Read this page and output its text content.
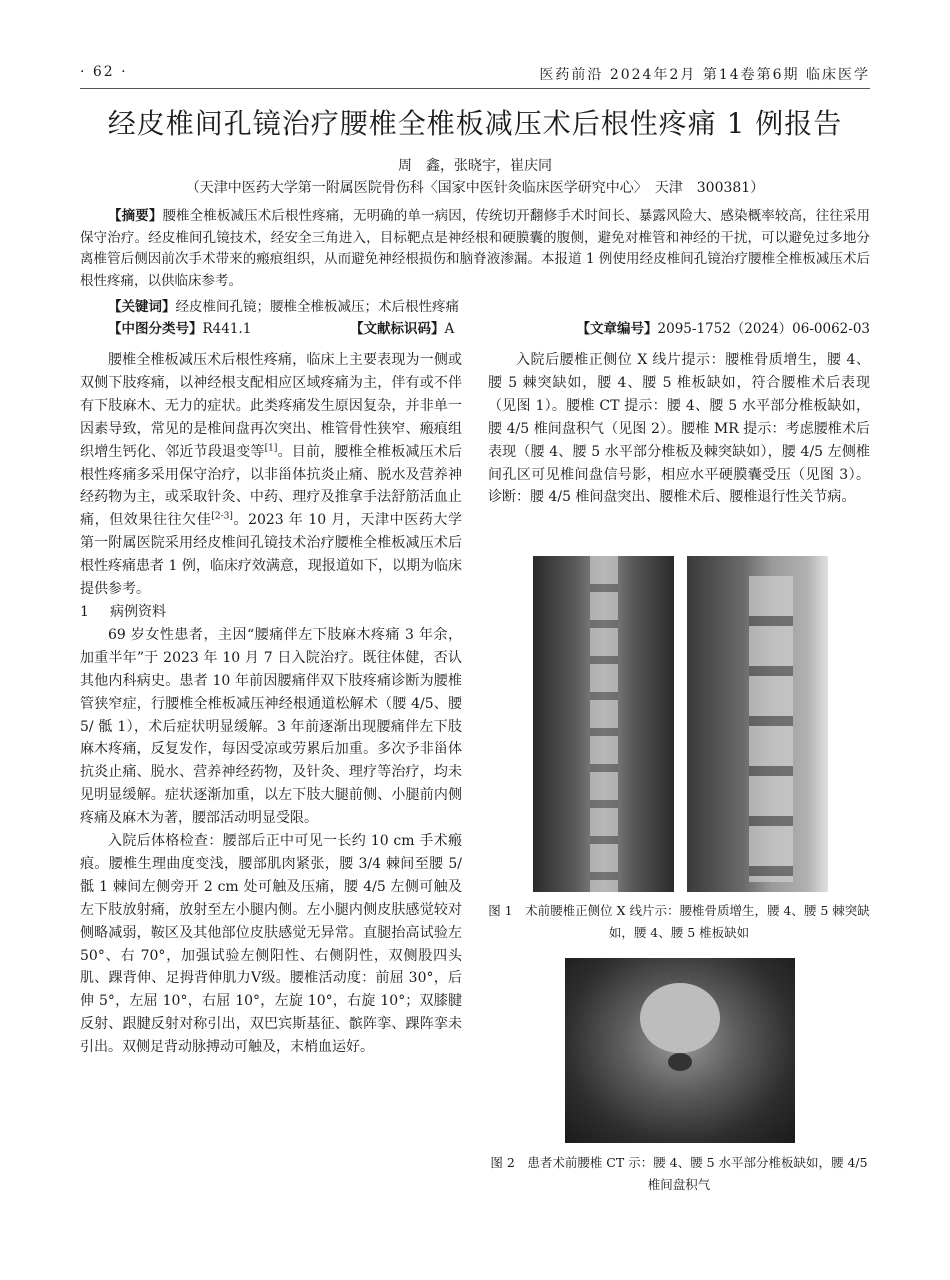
· 62 ·	医药前沿 2024年2月 第14卷第6期 临床医学
经皮椎间孔镜治疗腰椎全椎板减压术后根性疼痛 1 例报告
周　鑫，张晓宇，崔庆同
（天津中医药大学第一附属医院骨伤科〈国家中医针灸临床医学研究中心〉　天津　300381）
【摘要】腰椎全椎板减压术后根性疼痛，无明确的单一病因，传统切开翻修手术时间长、暴露风险大、感染概率较高，往往采用保守治疗。经皮椎间孔镜技术，经安全三角进入，目标靶点是神经根和硬膜囊的腹侧，避免对椎管和神经的干扰，可以避免过多地分离椎管后侧因前次手术带来的瘢痕组织，从而避免神经根损伤和脑脊液渗漏。本报道 1 例使用经皮椎间孔镜治疗腰椎全椎板减压术后根性疼痛，以供临床参考。
【关键词】经皮椎间孔镜；腰椎全椎板减压；术后根性疼痛
【中图分类号】R441.1	【文献标识码】A	【文章编号】2095-1752（2024）06-0062-03

腰椎全椎板减压术后根性疼痛，临床上主要表现为一侧或双侧下肢疼痛，以神经根支配相应区域疼痛为主，伴有或不伴有下肢麻木、无力的症状。此类疼痛发生原因复杂，并非单一因素导致，常见的是椎间盘再次突出、椎管骨性狭窄、瘢痕组织增生钙化、邻近节段退变等[1]。目前，腰椎全椎板减压术后根性疼痛多采用保守治疗，以非甾体抗炎止痛、脱水及营养神经药物为主，或采取针灸、中药、理疗及推拿手法舒筋活血止痛，但效果往往欠佳[2-3]。2023 年 10 月，天津中医药大学第一附属医院采用经皮椎间孔镜技术治疗腰椎全椎板减压术后根性疼痛患者 1 例，临床疗效满意，现报道如下，以期为临床提供参考。

1 病例资料

69 岁女性患者，主因“腰痛伴左下肢麻木疼痛 3 年余，加重半年”于 2023 年 10 月 7 日入院治疗。既往体健，否认其他内科病史。患者 10 年前因腰痛伴双下肢疼痛诊断为腰椎管狭窄症，行腰椎全椎板减压神经根通道松解术（腰 4/5、腰 5/ 骶 1），术后症状明显缓解。3 年前逐渐出现腰痛伴左下肢麻木疼痛，反复发作，每因受凉或劳累后加重。多次予非甾体抗炎止痛、脱水、营养神经药物，及针灸、理疗等治疗，均未见明显缓解。症状逐渐加重，以左下肢大腿前侧、小腿前内侧疼痛及麻木为著，腰部活动明显受限。

入院后体格检查：腰部后正中可见一长约 10 cm 手术瘢痕。腰椎生理曲度变浅，腰部肌肉紧张，腰 3/4 棘间至腰 5/ 骶 1 棘间左侧旁开 2 cm 处可触及压痛，腰 4/5 左侧可触及左下肢放射痛，放射至左小腿内侧。左小腿内侧皮肤感觉较对侧略减弱，鞍区及其他部位皮肤感觉无异常。直腿抬高试验左 50°、右 70°，加强试验左侧阳性、右侧阴性，双侧股四头肌、踝背伸、足拇背伸肌力Ⅴ级。腰椎活动度：前屈 30°，后伸 5°，左屈 10°，右屈 10°，左旋 10°，右旋 10°；双膝腱反射、跟腱反射对称引出，双巴宾斯基征、髌阵挛、踝阵挛未引出。双侧足背动脉搏动可触及，末梢血运好。

入院后腰椎正侧位 X 线片提示：腰椎骨质增生，腰 4、腰 5 棘突缺如，腰 4、腰 5 椎板缺如，符合腰椎术后表现（见图 1）。腰椎 CT 提示：腰 4、腰 5 水平部分椎板缺如，腰 4/5 椎间盘积气（见图 2）。腰椎 MR 提示：考虑腰椎术后表现（腰 4、腰 5 水平部分椎板及棘突缺如），腰 4/5 左侧椎间孔区可见椎间盘信号影，相应水平硬膜囊受压（见图 3）。诊断：腰 4/5 椎间盘突出、腰椎术后、腰椎退行性关节病。

图 1　术前腰椎正侧位 X 线片示：腰椎骨质增生，腰 4、腰 5 棘突缺如，腰 4、腰 5 椎板缺如
图 2　患者术前腰椎 CT 示：腰 4、腰 5 水平部分椎板缺如，腰 4/5 椎间盘积气
